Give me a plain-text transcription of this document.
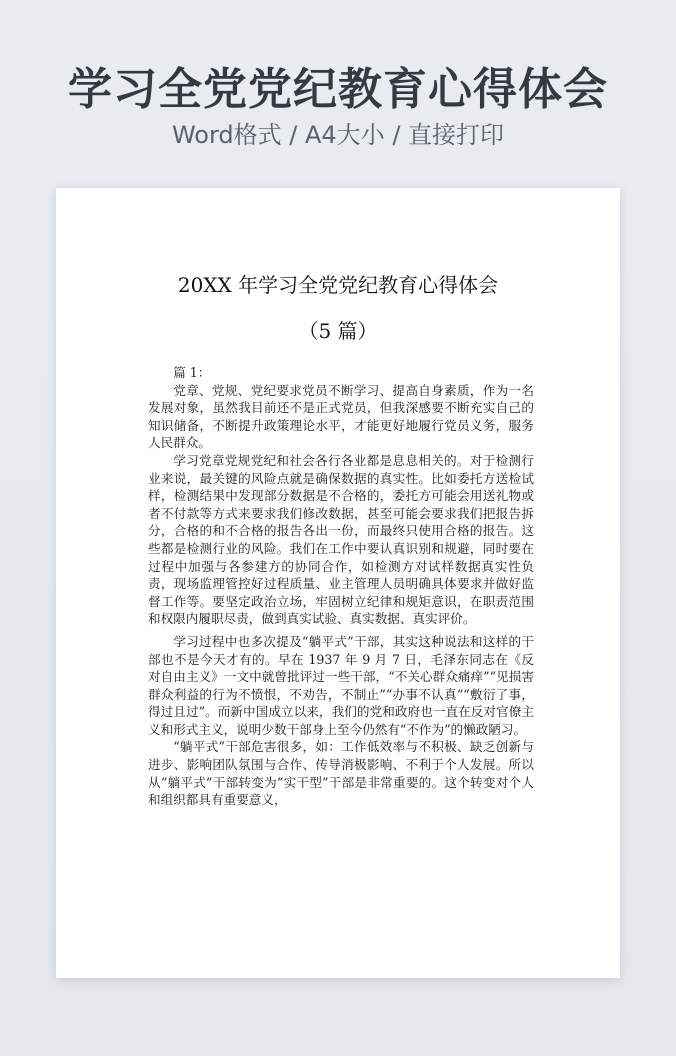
学习全党党纪教育心得体会
Word格式 / A4大小 / 直接打印
20XX 年学习全党党纪教育心得体会
（5 篇）

篇 1：

党章、党规、党纪要求党员不断学习、提高自身素质，作为一名发展对象，虽然我目前还不是正式党员，但我深感要不断充实自己的知识储备，不断提升政策理论水平，才能更好地履行党员义务，服务人民群众。

学习党章党规党纪和社会各行各业都是息息相关的。对于检测行业来说，最关键的风险点就是确保数据的真实性。比如委托方送检试样，检测结果中发现部分数据是不合格的，委托方可能会用送礼物或者不付款等方式来要求我们修改数据，甚至可能会要求我们把报告拆分，合格的和不合格的报告各出一份，而最终只使用合格的报告。这些都是检测行业的风险。我们在工作中要认真识别和规避，同时要在过程中加强与各参建方的协同合作，如检测方对试样数据真实性负责，现场监理管控好过程质量、业主管理人员明确具体要求并做好监督工作等。要坚定政治立场，牢固树立纪律和规矩意识，在职责范围和权限内履职尽责，做到真实试验、真实数据、真实评价。

学习过程中也多次提及“躺平式”干部，其实这种说法和这样的干部也不是今天才有的。早在 1937 年 9 月 7 日，毛泽东同志在《反对自由主义》一文中就曾批评过一些干部，“不关心群众痛痒”“见损害群众利益的行为不愤恨，不劝告，不制止”“办事不认真““敷衍了事，得过且过”。而新中国成立以来，我们的党和政府也一直在反对官僚主义和形式主义，说明少数干部身上至今仍然有“不作为”的懒政陋习。

“躺平式”干部危害很多，如：工作低效率与不积极、缺乏创新与进步、影响团队氛围与合作、传导消极影响、不利于个人发展。所以从“躺平式”干部转变为“实干型”干部是非常重要的。这个转变对个人和组织都具有重要意义，
